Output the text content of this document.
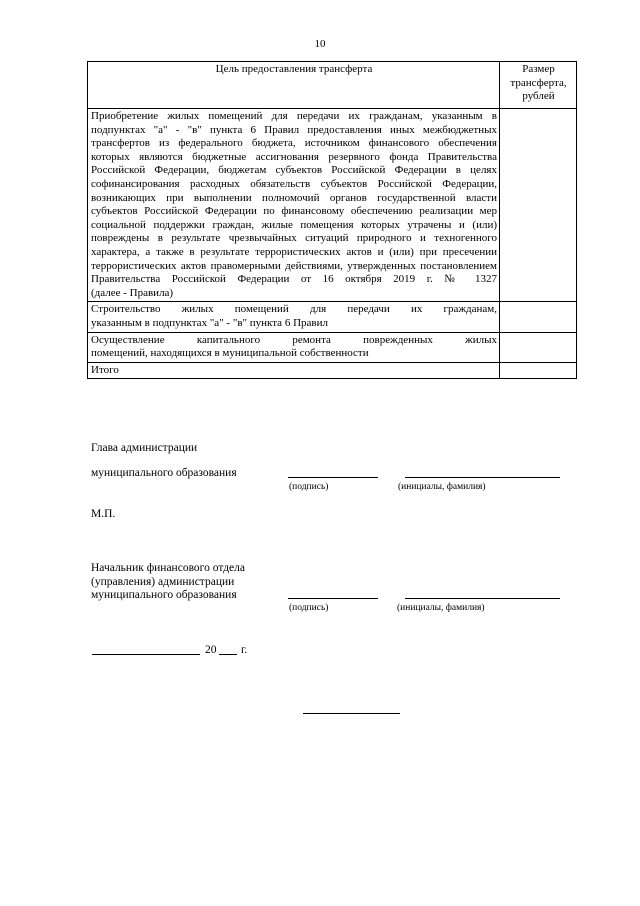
10
Цель предоставления трансферта	Размер трансферта, рублей
Приобретение жилых помещений для передачи их гражданам, указанным в подпунктах "а" - "в" пункта 6 Правил предоставления иных межбюджетных трансфертов из федерального бюджета, источником финансового обеспечения которых являются бюджетные ассигнования резервного фонда Правительства Российской Федерации, бюджетам субъектов Российской Федерации в целях софинансирования расходных обязательств субъектов Российской Федерации, возникающих при выполнении полномочий органов государственной власти субъектов Российской Федерации по финансовому обеспечению реализации мер социальной поддержки граждан, жилые помещения которых утрачены и (или) повреждены в результате чрезвычайных ситуаций природного и техногенного характера, а также в результате террористических актов и (или) при пресечении террористических актов правомерными действиями, утвержденных постановлением Правительства Российской Федерации от 16 октября 2019 г. № 1327
(далее - Правила)	

Строительство жилых помещений для передачи их гражданам,
указанным в подпунктах "а" - "в" пункта 6 Правил	

Осуществление капитального ремонта поврежденных жилых
помещений, находящихся в муниципальной собственности	

Итого	
Глава администрации
муниципального образования
(подпись)	(инициалы, фамилия)
М.П.
Начальник финансового отдела
(управления) администрации
муниципального образования
(подпись)	(инициалы, фамилия)
20 г.
